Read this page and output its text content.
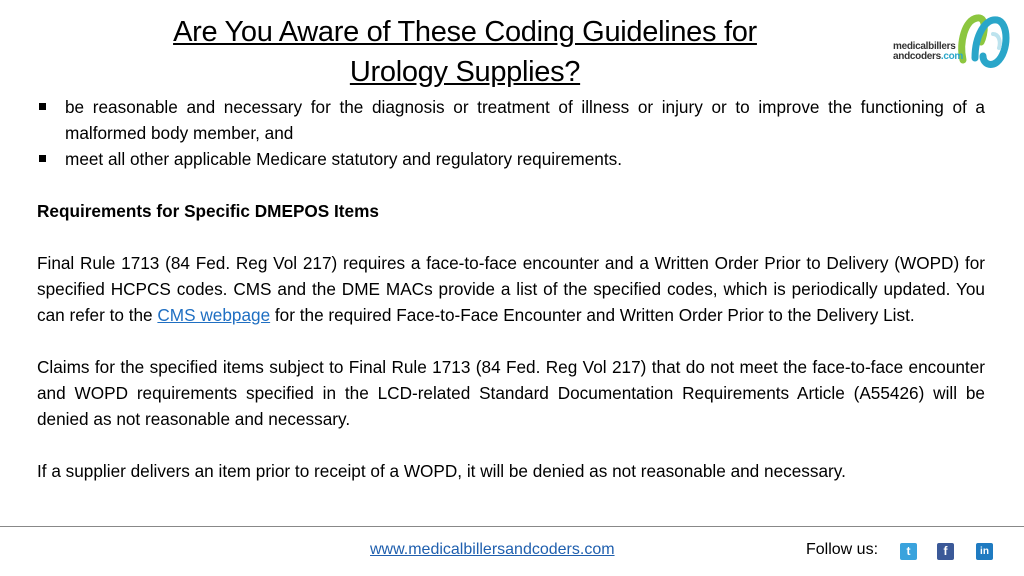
Are You Aware of These Coding Guidelines for
Urology Supplies?
medicalbillers
andcoders.com
be reasonable and necessary for the diagnosis or treatment of illness or injury or to improve the functioning of a malformed body member, and
meet all other applicable Medicare statutory and regulatory requirements.
Requirements for Specific DMEPOS Items

Final Rule 1713 (84 Fed. Reg Vol 217) requires a face-to-face encounter and a Written Order Prior to Delivery (WOPD) for specified HCPCS codes. CMS and the DME MACs provide a list of the specified codes, which is periodically updated. You can refer to the CMS webpage for the required Face-to-Face Encounter and Written Order Prior to the Delivery List.

Claims for the specified items subject to Final Rule 1713 (84 Fed. Reg Vol 217) that do not meet the face-to-face encounter and WOPD requirements specified in the LCD-related Standard Documentation Requirements Article (A55426) will be denied as not reasonable and necessary.

If a supplier delivers an item prior to receipt of a WOPD, it will be denied as not reasonable and necessary.

www.medicalbillersandcoders.com	Follow us:	t	f	in
